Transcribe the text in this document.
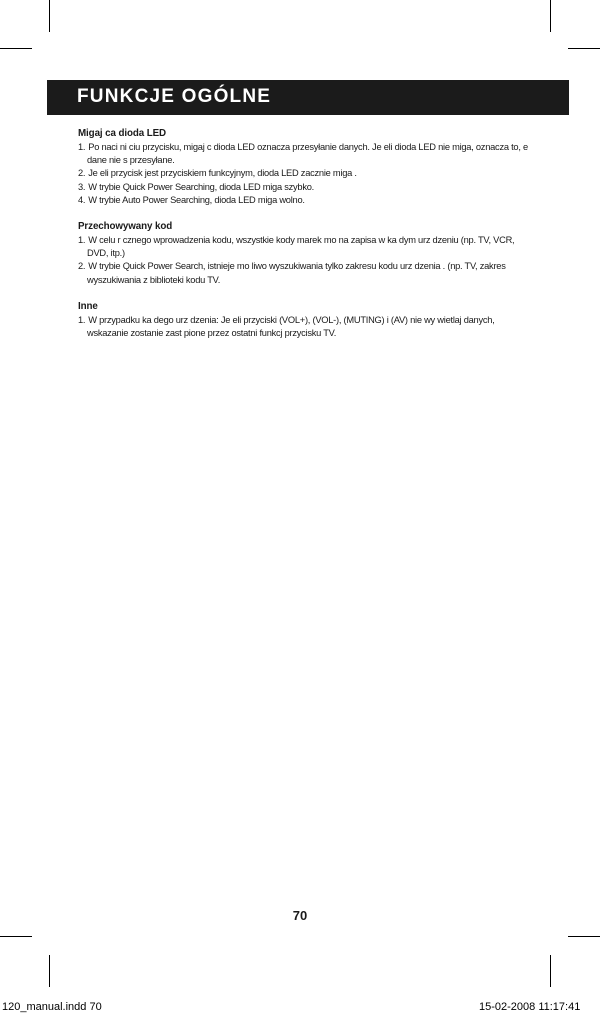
FUNKCJE OGÓLNE
Migaj ca dioda LED
1. Po naci ni ciu przycisku, migaj c dioda LED oznacza przesyłanie danych. Je eli dioda LED nie miga, oznacza to, e dane nie s przesyłane.
2. Je eli przycisk jest przyciskiem funkcyjnym, dioda LED zacznie miga .
3. W trybie Quick Power Searching, dioda LED miga szybko.
4. W trybie Auto Power Searching, dioda LED miga wolno.
Przechowywany kod
1. W celu r cznego wprowadzenia kodu, wszystkie kody marek mo na zapisa w ka dym urz dzeniu (np. TV, VCR, DVD, itp.)
2. W trybie Quick Power Search, istnieje mo liwo wyszukiwania tylko zakresu kodu urz dzenia . (np. TV, zakres wyszukiwania z biblioteki kodu TV.
Inne
1. W przypadku ka dego urz dzenia: Je eli przyciski (VOL+), (VOL-), (MUTING) i (AV) nie wy wietlaj danych, wskazanie zostanie zast pione przez ostatni funkcj przycisku TV.
70
120_manual.indd 70	15-02-2008 11:17:41
